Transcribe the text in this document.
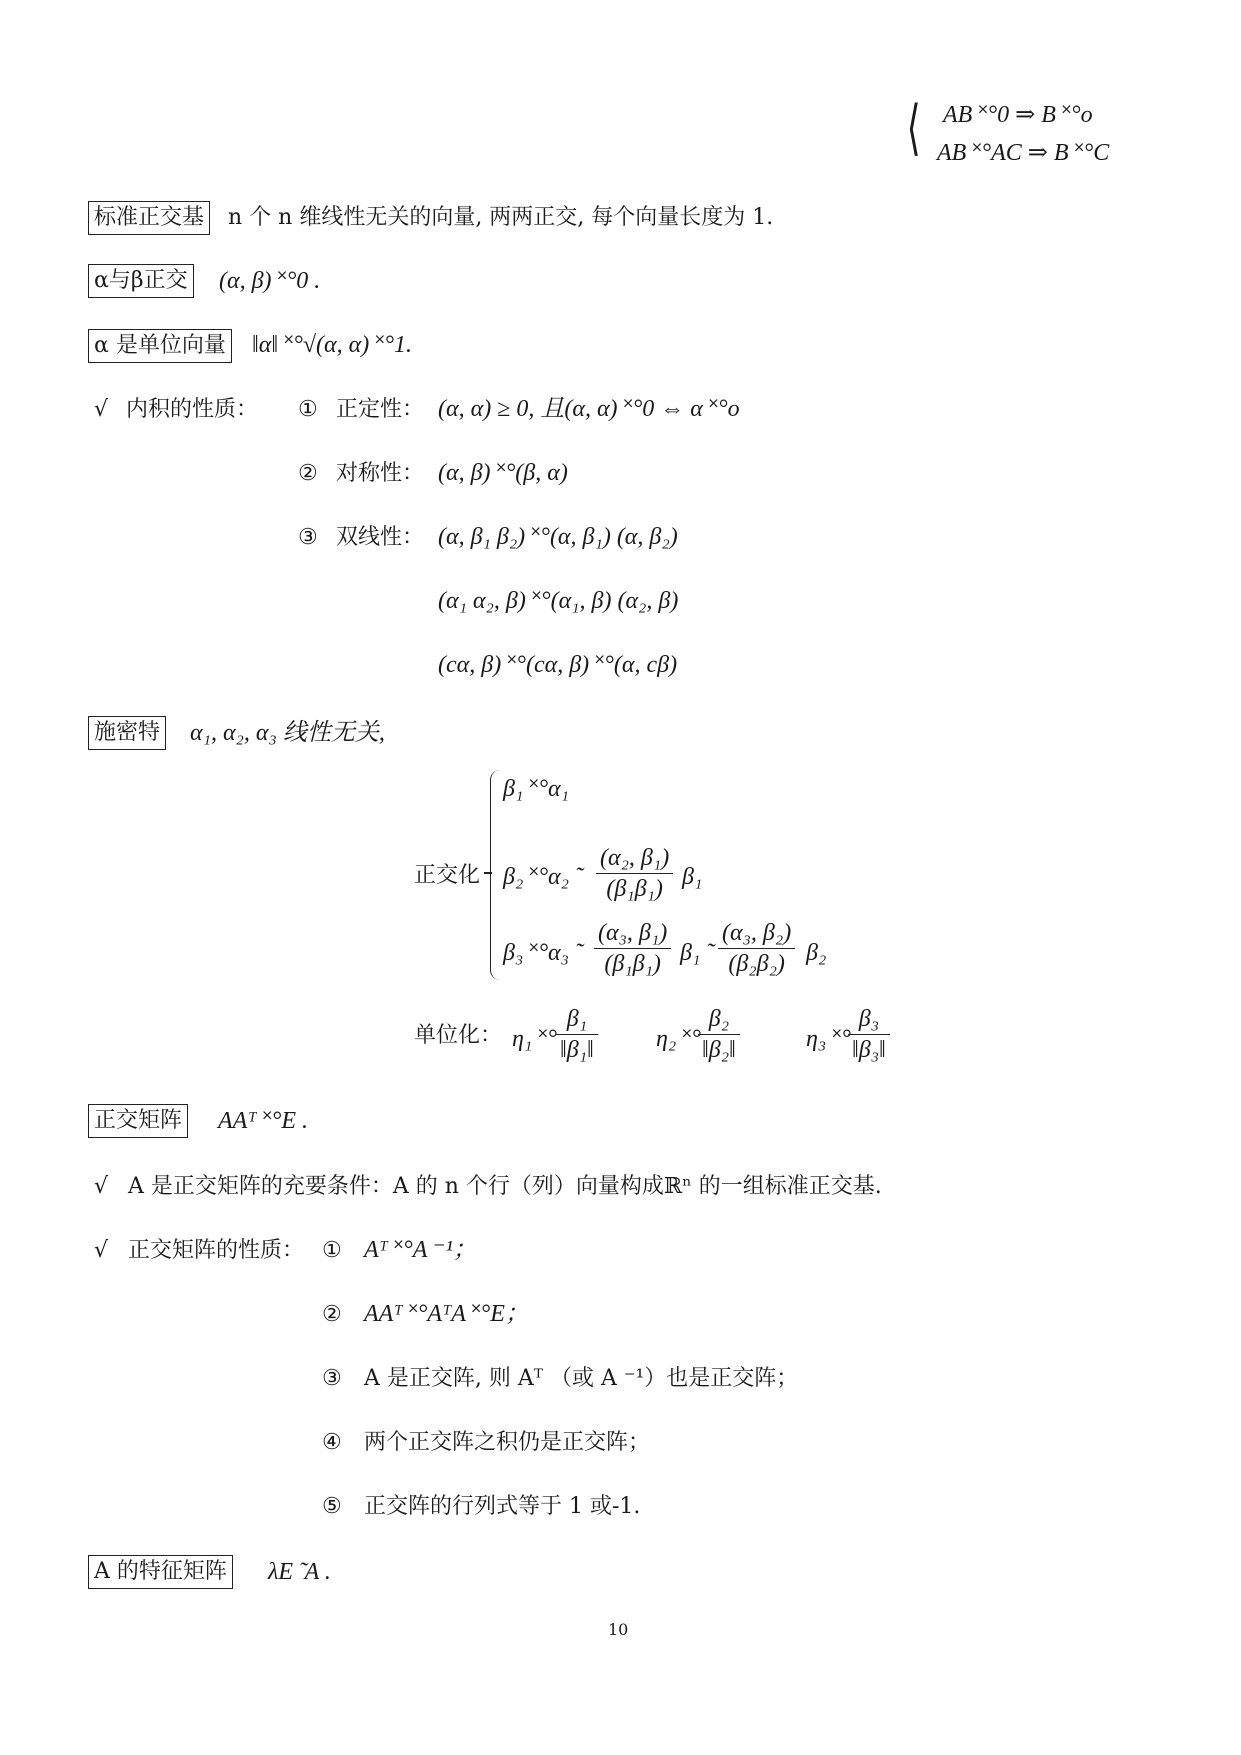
⟨ AB ˟°0 ⇒ B ˟°o
AB ˟°AC ⇒ B ˟°C
标准正交基 n 个 n 维线性无关的向量, 两两正交, 每个向量长度为 1.
α与β正交 (α, β) ˟°0 .
α 是单位向量 ‖α‖ ˟°√(α, α) ˟°1.
√ 内积的性质： ① 正定性： (α, α) ≥ 0, 且(α, α) ˟°0 ⇔ α ˟°o
② 对称性： (α, β) ˟°(β, α)
③ 双线性： (α, β₁ β₂) ˟°(α, β₁) (α, β₂)
(α₁ α₂, β) ˟°(α₁, β) (α₂, β)
(cα, β) ˟°(cα, β) ˟°(α, cβ)
施密特 α₁, α₂, α₃ 线性无关,
正交化
β₁ ˟°α₁
β₂ ˟°α₂ ˜ $\frac{\text{(α₂, β₁)}}{\text{(β₁β₁)}} \beta_1$
β₃ ˟°α₃ ˜ $\frac{\text{(α₃, β₁)}}{\text{(β₁β₁)}} \beta_1$ ˜ $\frac{\text{(α₃, β₂)}}{\text{(β₂β₂)}} \beta_2$
单位化： η₁ ˟°
$\frac{\text{β₁}}{\text{‖β₁‖}} \eta_2$ ˟°
$\frac{\text{β₂}}{\text{‖β₂‖}}$	η₃ ˟°
$\frac{\text{β₃}}{\text{‖β₃‖}}$
正交矩阵 AAᵀ ˟°E .
√ A 是正交矩阵的充要条件：A 的 n 个行（列）向量构成ℝⁿ 的一组标准正交基.
√ 正交矩阵的性质： ① Aᵀ ˟°A ⁻¹；
② AAᵀ ˟°AᵀA ˟°E；
③ A 是正交阵, 则 Aᵀ （或 A ⁻¹）也是正交阵；
④ 两个正交阵之积仍是正交阵；
⑤ 正交阵的行列式等于 1 或-1.
A 的特征矩阵 λE ̃ A .
10
